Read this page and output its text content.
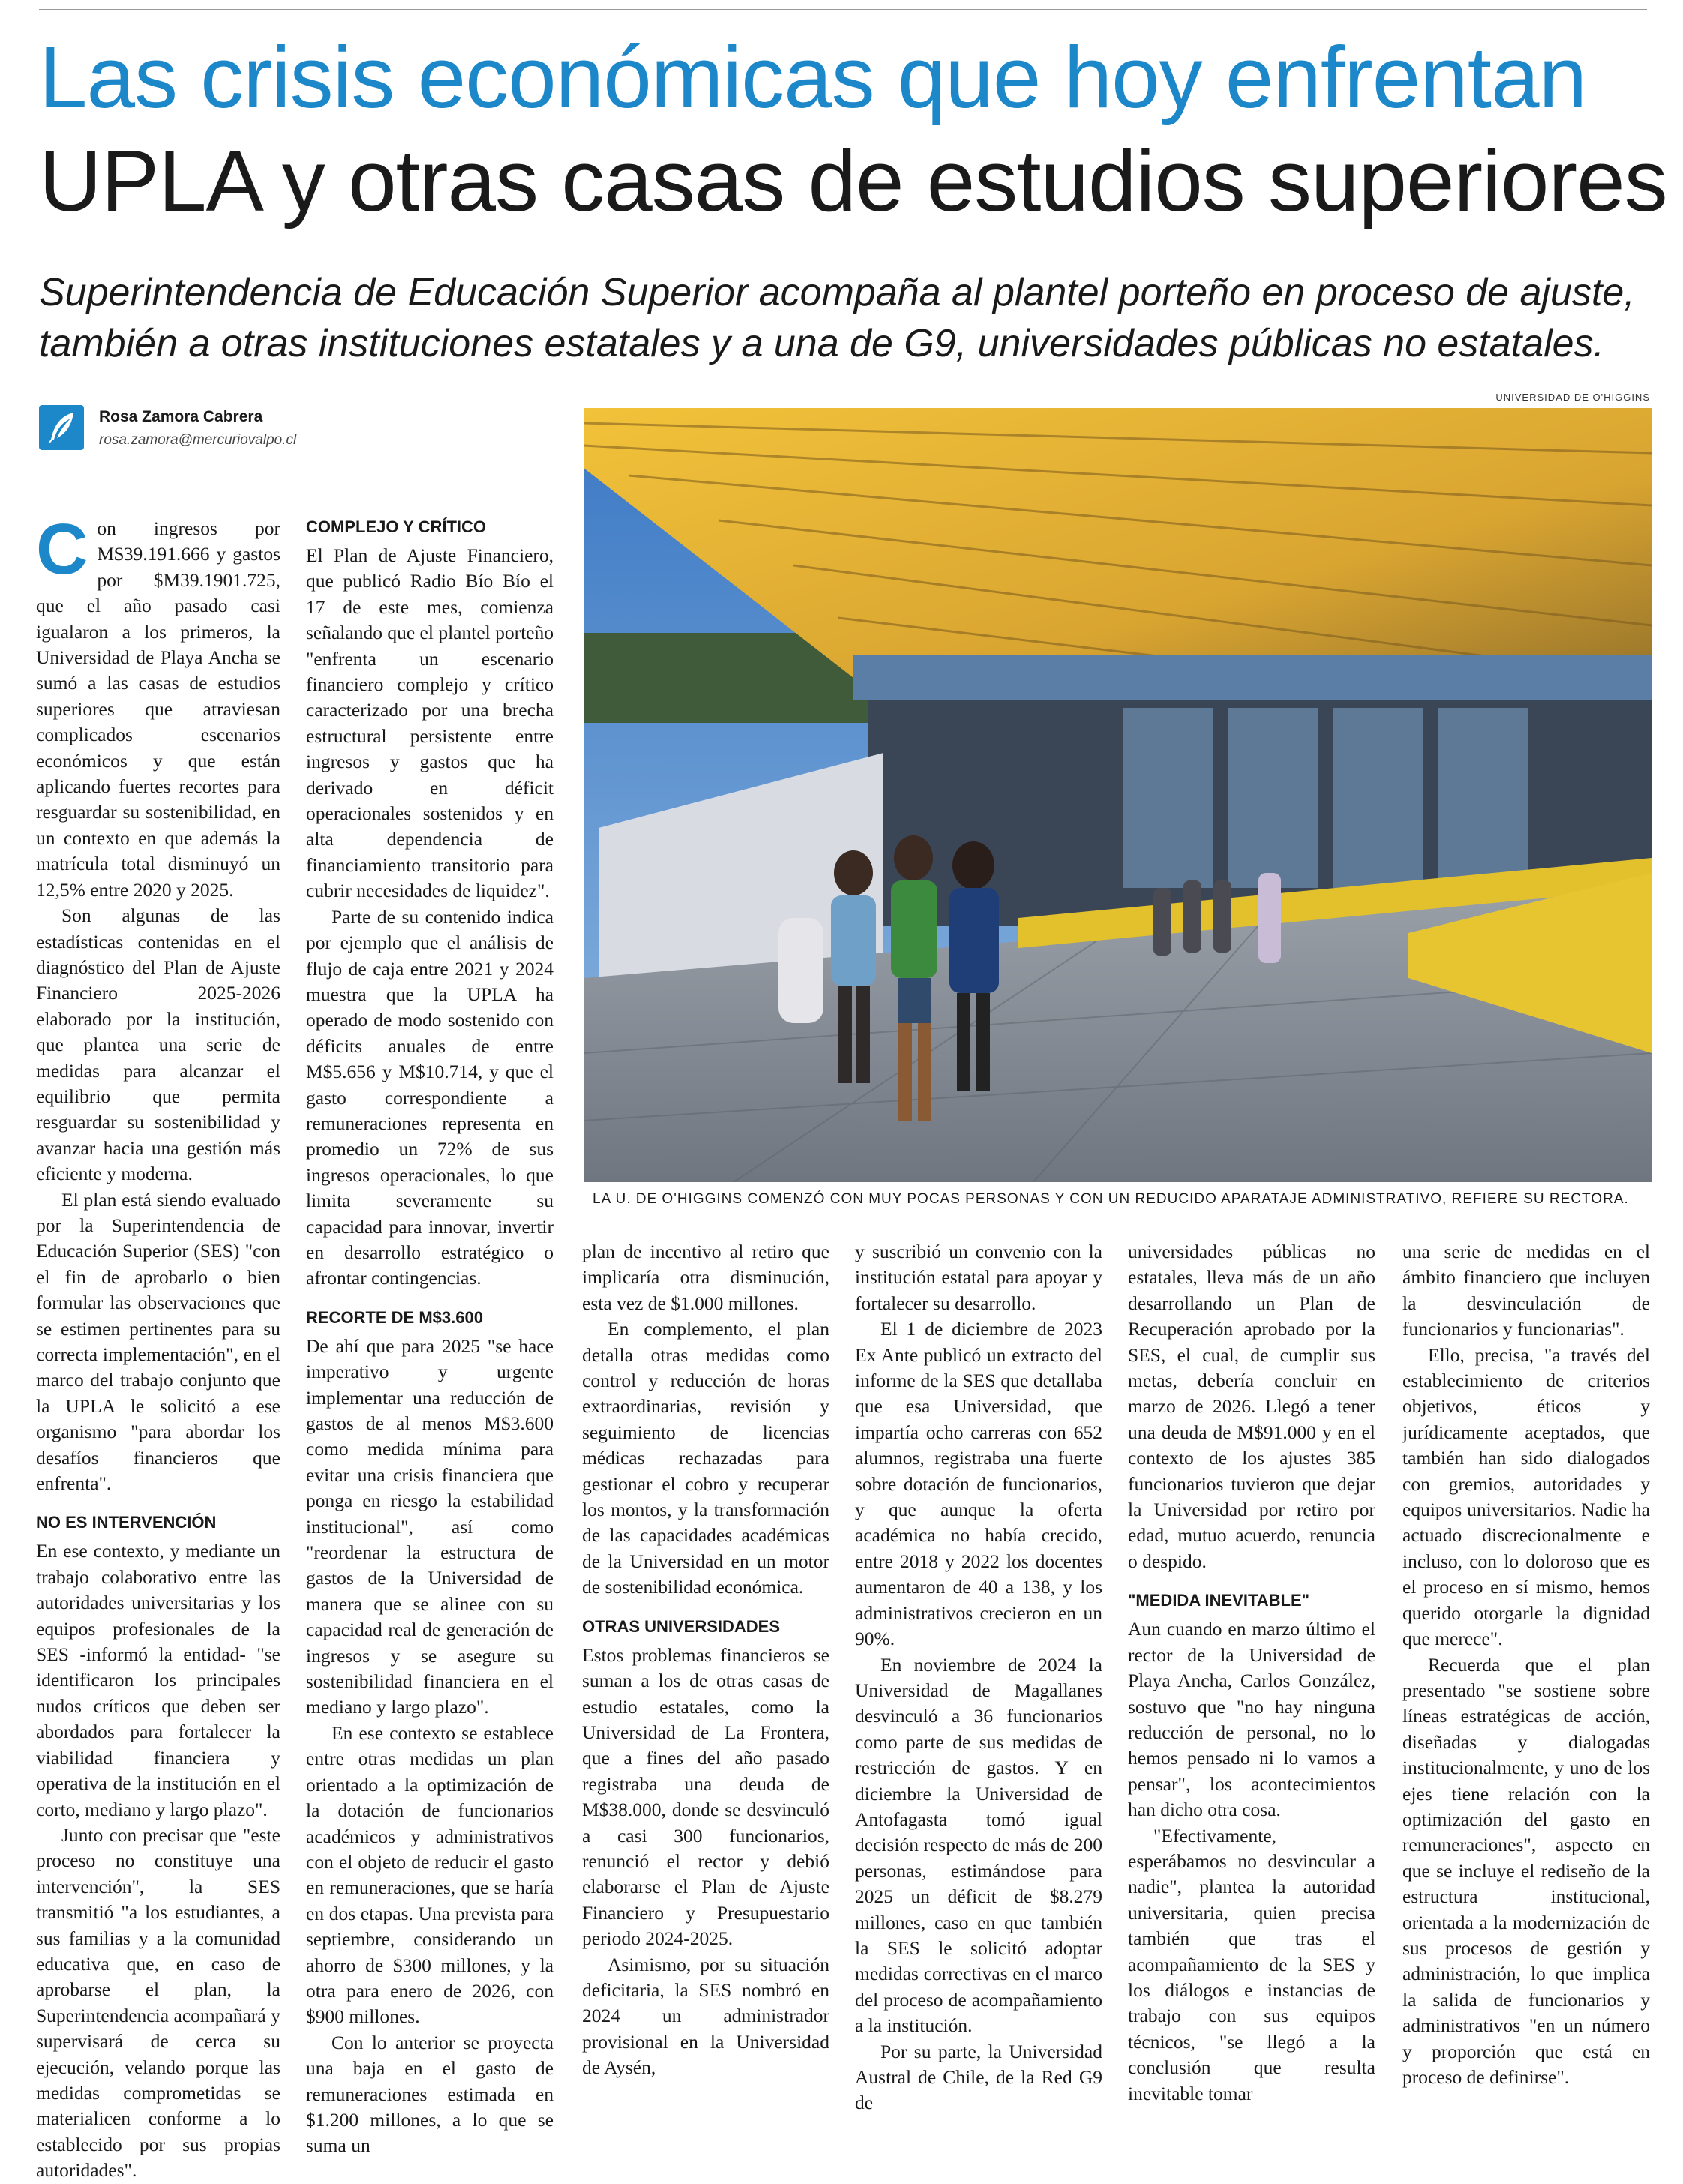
Las crisis económicas que hoy enfrentan
UPLA y otras casas de estudios superiores
Superintendencia de Educación Superior acompaña al plantel porteño en proceso de ajuste,
también a otras instituciones estatales y a una de G9, universidades públicas no estatales.
Rosa Zamora Cabrera
rosa.zamora@mercuriovalpo.cl
UNIVERSIDAD DE O'HIGGINS
LA U. DE O'HIGGINS COMENZÓ CON MUY POCAS PERSONAS Y CON UN REDUCIDO APARATAJE ADMINISTRATIVO, REFIERE SU RECTORA.

Con ingresos por M$39.191.666 y gastos por $M39.1901.725, que el año pasado casi igualaron a los primeros, la Universidad de Playa Ancha se sumó a las casas de estudios superiores que atraviesan complicados escenarios económicos y que están aplicando fuertes recortes para resguardar su sostenibilidad, en un contexto en que además la matrícula total disminuyó un 12,5% entre 2020 y 2025.

Son algunas de las estadísticas contenidas en el diagnóstico del Plan de Ajuste Financiero 2025-2026 elaborado por la institución, que plantea una serie de medidas para alcanzar el equilibrio que permita resguardar su sostenibilidad y avanzar hacia una gestión más eficiente y moderna.

El plan está siendo evaluado por la Superintendencia de Educación Superior (SES) "con el fin de aprobarlo o bien formular las observaciones que se estimen pertinentes para su correcta implementación", en el marco del trabajo conjunto que la UPLA le solicitó a ese organismo "para abordar los desafíos financieros que enfrenta".

NO ES INTERVENCIÓN

En ese contexto, y mediante un trabajo colaborativo entre las autoridades universitarias y los equipos profesionales de la SES -informó la entidad- "se identificaron los principales nudos críticos que deben ser abordados para fortalecer la viabilidad financiera y operativa de la institución en el corto, mediano y largo plazo".

Junto con precisar que "este proceso no constituye una intervención", la SES transmitió "a los estudiantes, a sus familias y a la comunidad educativa que, en caso de aprobarse el plan, la Superintendencia acompañará y supervisará de cerca su ejecución, velando porque las medidas comprometidas se materialicen conforme a lo establecido por sus propias autoridades".

COMPLEJO Y CRÍTICO

El Plan de Ajuste Financiero, que publicó Radio Bío Bío el 17 de este mes, comienza señalando que el plantel porteño "enfrenta un escenario financiero complejo y crítico caracterizado por una brecha estructural persistente entre ingresos y gastos que ha derivado en déficit operacionales sostenidos y en alta dependencia de financiamiento transitorio para cubrir necesidades de liquidez".

Parte de su contenido indica por ejemplo que el análisis de flujo de caja entre 2021 y 2024 muestra que la UPLA ha operado de modo sostenido con déficits anuales de entre M$5.656 y M$10.714, y que el gasto correspondiente a remuneraciones representa en promedio un 72% de sus ingresos operacionales, lo que limita severamente su capacidad para innovar, invertir en desarrollo estratégico o afrontar contingencias.

RECORTE DE M$3.600

De ahí que para 2025 "se hace imperativo y urgente implementar una reducción de gastos de al menos M$3.600 como medida mínima para evitar una crisis financiera que ponga en riesgo la estabilidad institucional", así como "reordenar la estructura de gastos de la Universidad de manera que se alinee con su capacidad real de generación de ingresos y se asegure su sostenibilidad financiera en el mediano y largo plazo".

En ese contexto se establece entre otras medidas un plan orientado a la optimización de la dotación de funcionarios académicos y administrativos con el objeto de reducir el gasto en remuneraciones, que se haría en dos etapas. Una prevista para septiembre, considerando un ahorro de $300 millones, y la otra para enero de 2026, con $900 millones.

Con lo anterior se proyecta una baja en el gasto de remuneraciones estimada en $1.200 millones, a lo que se suma un

plan de incentivo al retiro que implicaría otra disminución, esta vez de $1.000 millones.

En complemento, el plan detalla otras medidas como control y reducción de horas extraordinarias, revisión y seguimiento de licencias médicas rechazadas para gestionar el cobro y recuperar los montos, y la transformación de las capacidades académicas de la Universidad en un motor de sostenibilidad económica.

OTRAS UNIVERSIDADES

Estos problemas financieros se suman a los de otras casas de estudio estatales, como la Universidad de La Frontera, que a fines del año pasado registraba una deuda de M$38.000, donde se desvinculó a casi 300 funcionarios, renunció el rector y debió elaborarse el Plan de Ajuste Financiero y Presupuestario periodo 2024-2025.

Asimismo, por su situación deficitaria, la SES nombró en 2024 un administrador provisional en la Universidad de Aysén,

y suscribió un convenio con la institución estatal para apoyar y fortalecer su desarrollo.

El 1 de diciembre de 2023 Ex Ante publicó un extracto del informe de la SES que detallaba que esa Universidad, que impartía ocho carreras con 652 alumnos, registraba una fuerte sobre dotación de funcionarios, y que aunque la oferta académica no había crecido, entre 2018 y 2022 los docentes aumentaron de 40 a 138, y los administrativos crecieron en un 90%.

En noviembre de 2024 la Universidad de Magallanes desvinculó a 36 funcionarios como parte de sus medidas de restricción de gastos. Y en diciembre la Universidad de Antofagasta tomó igual decisión respecto de más de 200 personas, estimándose para 2025 un déficit de $8.279 millones, caso en que también la SES le solicitó adoptar medidas correctivas en el marco del proceso de acompañamiento a la institución.

Por su parte, la Universidad Austral de Chile, de la Red G9 de

universidades públicas no estatales, lleva más de un año desarrollando un Plan de Recuperación aprobado por la SES, el cual, de cumplir sus metas, debería concluir en marzo de 2026. Llegó a tener una deuda de M$91.000 y en el contexto de los ajustes 385 funcionarios tuvieron que dejar la Universidad por retiro por edad, mutuo acuerdo, renuncia o despido.

"MEDIDA INEVITABLE"

Aun cuando en marzo último el rector de la Universidad de Playa Ancha, Carlos González, sostuvo que "no hay ninguna reducción de personal, no lo hemos pensado ni lo vamos a pensar", los acontecimientos han dicho otra cosa.

"Efectivamente, esperábamos no desvincular a nadie", plantea la autoridad universitaria, quien precisa también que tras el acompañamiento de la SES y los diálogos e instancias de trabajo con sus equipos técnicos, "se llegó a la conclusión que resulta inevitable tomar

una serie de medidas en el ámbito financiero que incluyen la desvinculación de funcionarios y funcionarias".

Ello, precisa, "a través del establecimiento de criterios objetivos, éticos y jurídicamente aceptados, que también han sido dialogados con gremios, autoridades y equipos universitarios. Nadie ha actuado discrecionalmente e incluso, con lo doloroso que es el proceso en sí mismo, hemos querido otorgarle la dignidad que merece".

Recuerda que el plan presentado "se sostiene sobre líneas estratégicas de acción, diseñadas y dialogadas institucionalmente, y uno de los ejes tiene relación con la optimización del gasto en remuneraciones", aspecto en que se incluye el rediseño de la estructura institucional, orientada a la modernización de sus procesos de gestión y administración, lo que implica la salida de funcionarios y administrativos "en un número y proporción que está en proceso de definirse".
